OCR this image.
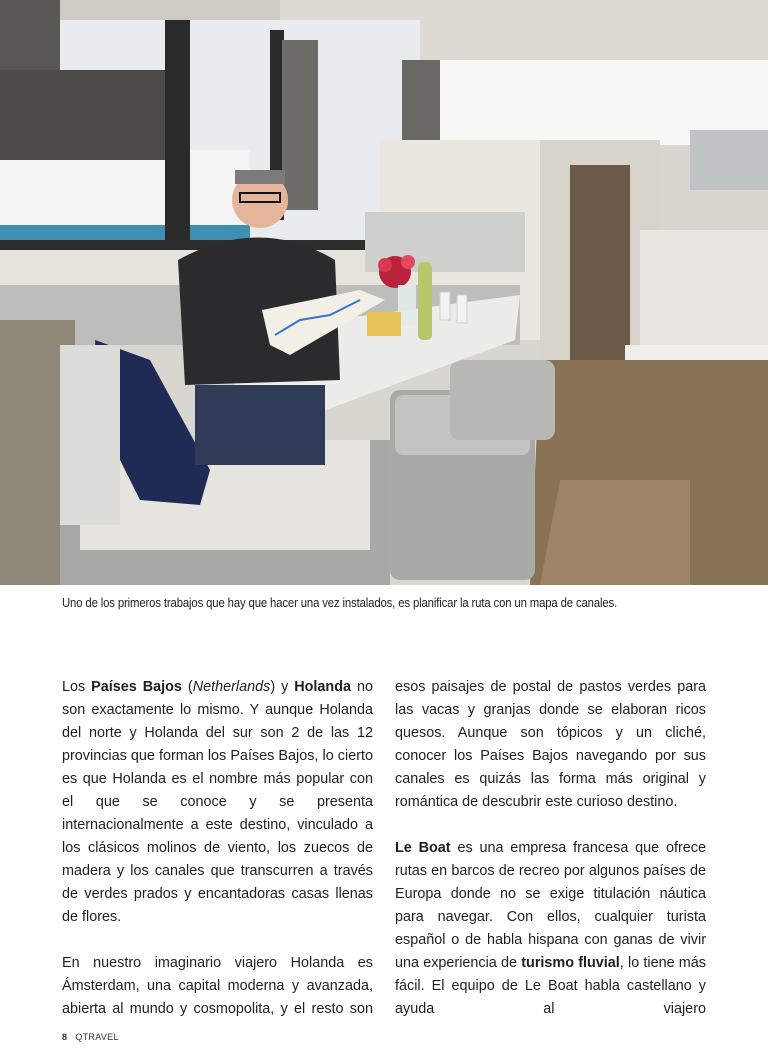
Uno de los primeros trabajos que hay que hacer una vez instalados, es planificar la ruta con un mapa de canales.

Los Países Bajos (Netherlands) y Holanda no son exactamente lo mismo. Y aunque Holanda del norte y Holanda del sur son 2 de las 12 provincias que forman los Países Bajos, lo cierto es que Holanda es el nombre más popular con el que se conoce y se presenta internacionalmente a este destino, vinculado a los clásicos molinos de viento, los zuecos de madera y los canales que transcurren a través de verdes prados y encantadoras casas llenas de flores.

En nuestro imaginario viajero Holanda es Ámsterdam, una capital moderna y avanzada, abierta al mundo y cosmopolita, y el resto son

esos paisajes de postal de pastos verdes para las vacas y granjas donde se elaboran ricos quesos. Aunque son tópicos y un cliché, conocer los Países Bajos navegando por sus canales es quizás las forma más original y romántica de descubrir este curioso destino.

Le Boat es una empresa francesa que ofrece rutas en barcos de recreo por algunos países de Europa donde no se exige titulación náutica para navegar. Con ellos, cualquier turista español o de habla hispana con ganas de vivir una experiencia de turismo fluvial, lo tiene más fácil. El equipo de Le Boat habla castellano y ayuda al viajero

8 QTRAVEL
